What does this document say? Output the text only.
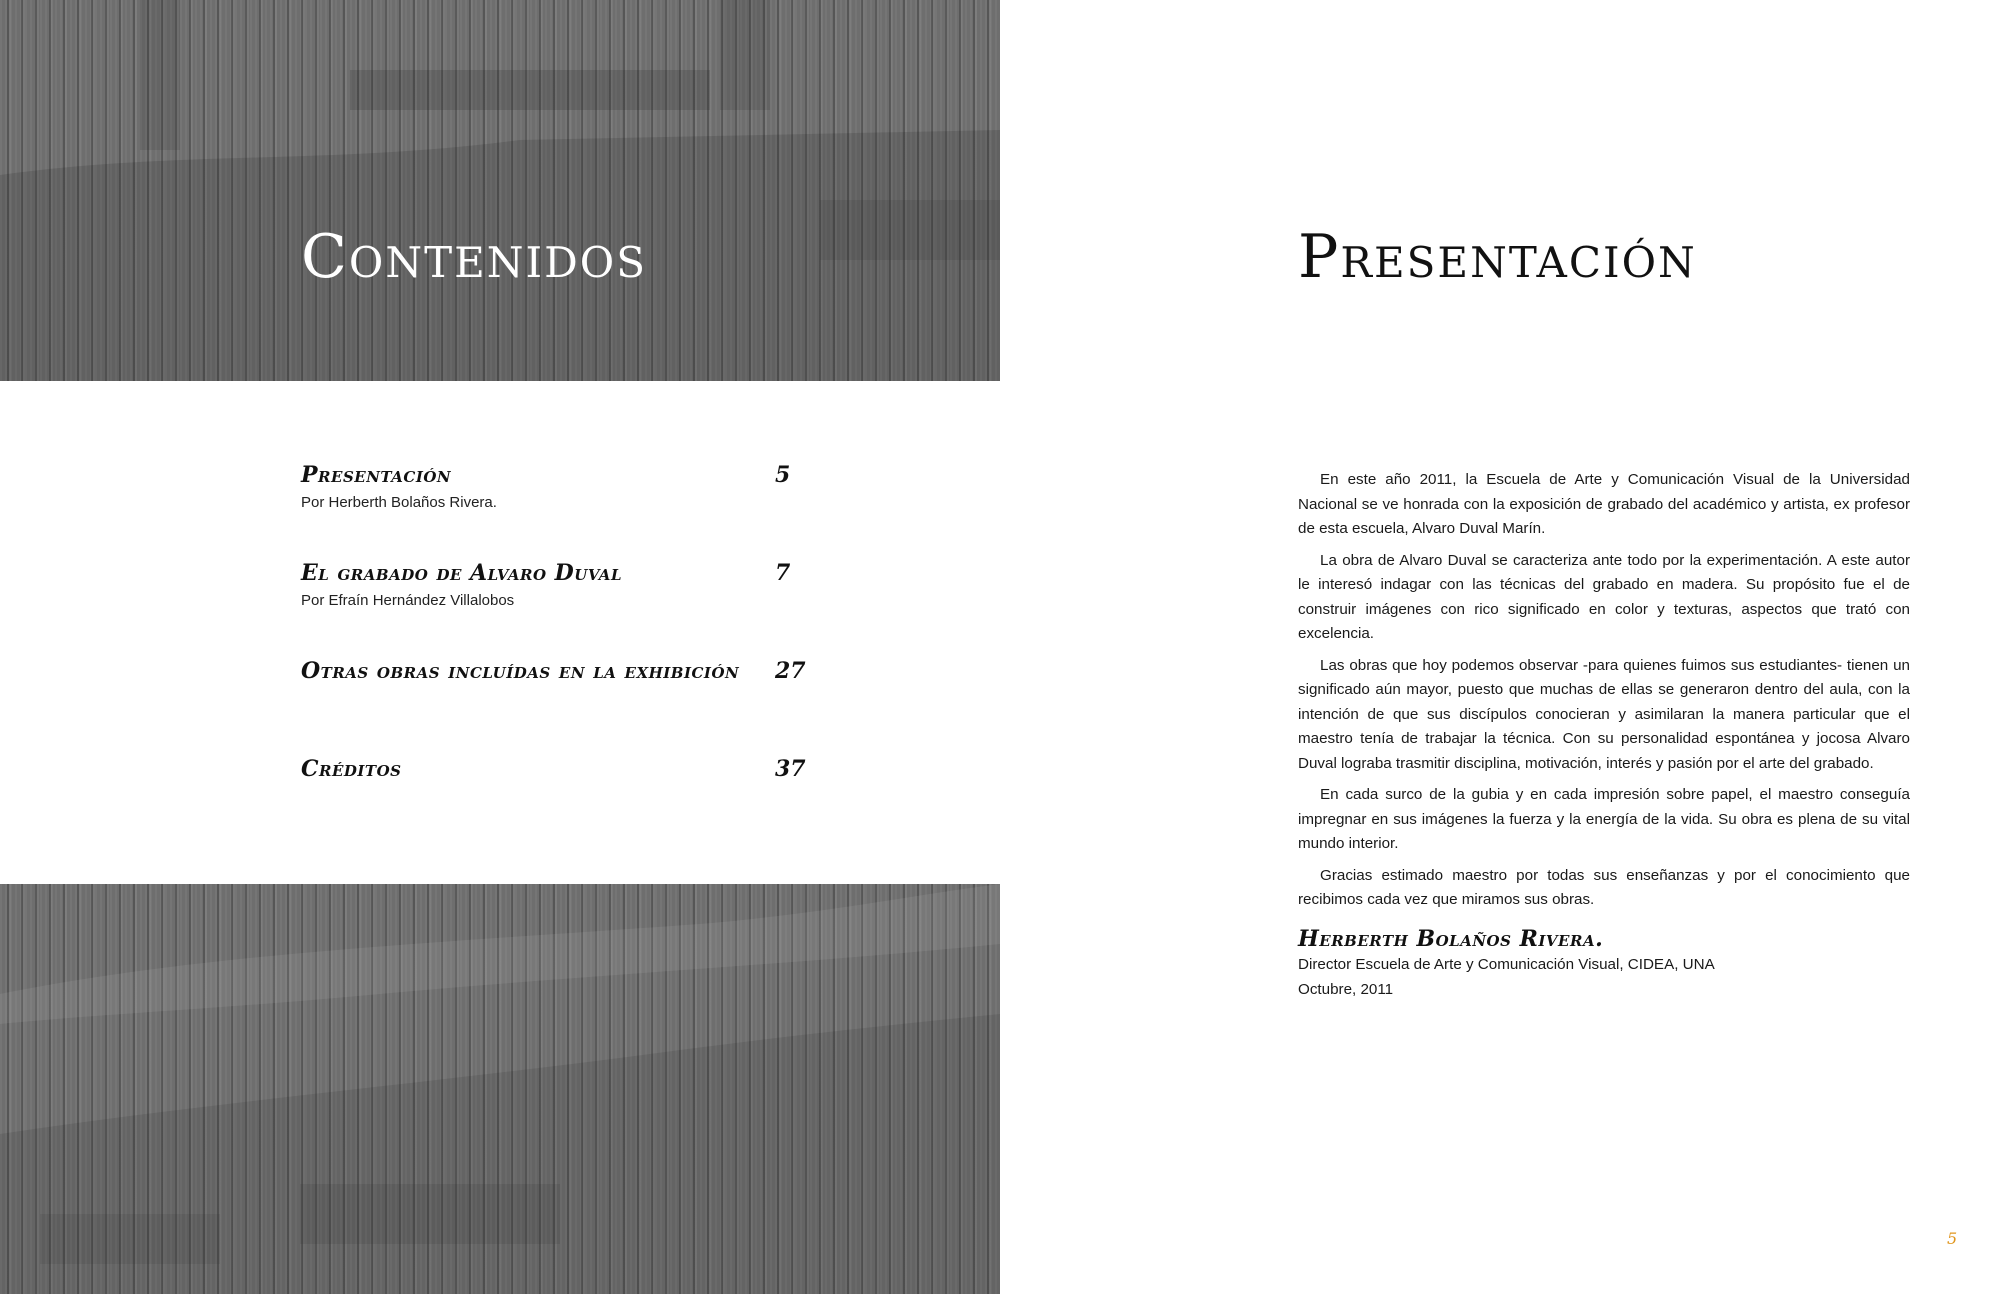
Contenidos
Presentación	5
Por Herberth Bolaños Rivera.
El grabado de Alvaro Duval	7
Por Efraín Hernández Villalobos
Otras obras incluídas en la exhibición 27
Créditos	37
Presentación

En este año 2011, la Escuela de Arte y Comunicación Visual de la Universidad Nacional se ve honrada con la exposición de grabado del académico y artista, ex profesor de esta escuela, Alvaro Duval Marín.

La obra de Alvaro Duval se caracteriza ante todo por la experimentación. A este autor le interesó indagar con las técnicas del grabado en madera. Su propósito fue el de construir imágenes con rico significado en color y texturas, aspectos que trató con excelencia.

Las obras que hoy podemos observar -para quienes fuimos sus estudiantes- tienen un significado aún mayor, puesto que muchas de ellas se generaron dentro del aula, con la intención de que sus discípulos conocieran y asimilaran la manera particular que el maestro tenía de trabajar la técnica. Con su personalidad espontánea y jocosa Alvaro Duval lograba trasmitir disciplina, motivación, interés y pasión por el arte del grabado.

En cada surco de la gubia y en cada impresión sobre papel, el maestro conseguía impregnar en sus imágenes la fuerza y la energía de la vida. Su obra es plena de su vital mundo interior.

Gracias estimado maestro por todas sus enseñanzas y por el conocimiento que recibimos cada vez que miramos sus obras.

Herberth Bolaños Rivera.
Director Escuela de Arte y Comunicación Visual, CIDEA, UNA
Octubre, 2011
5
